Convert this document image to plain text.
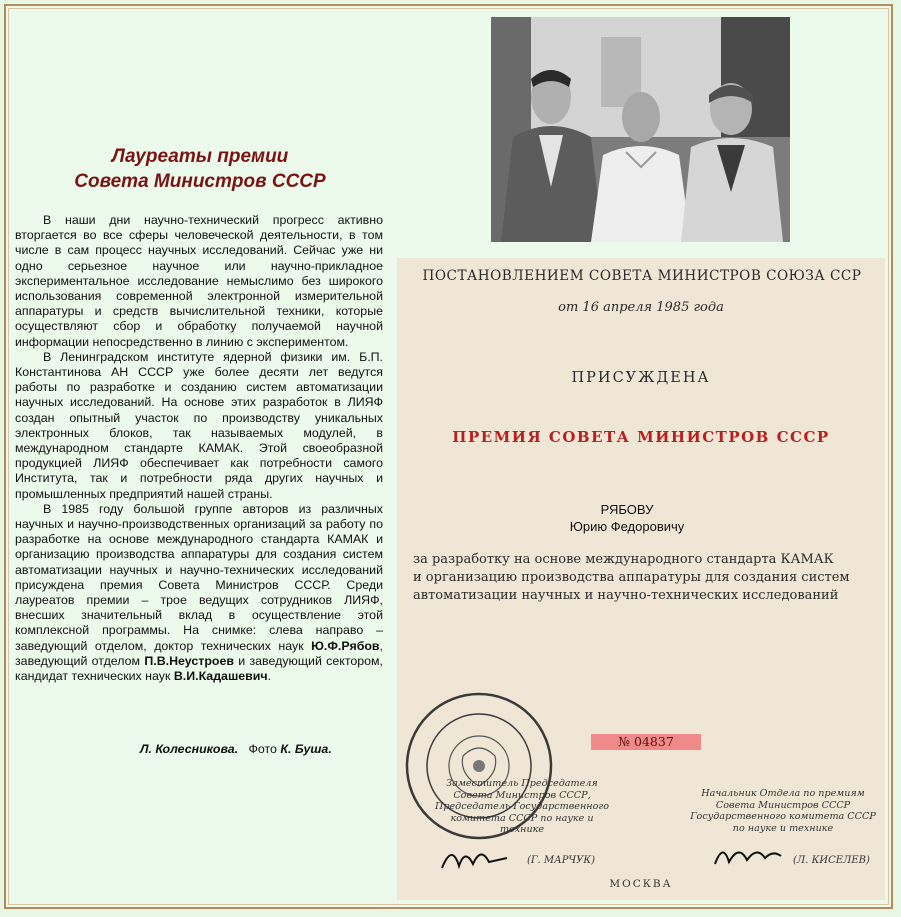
Лауреаты премии
Совета Министров СССР

В наши дни научно-технический прогресс активно вторгается во все сферы человеческой деятельности, в том числе в сам процесс научных исследований. Сейчас уже ни одно серьезное научное или научно-прикладное экспериментальное исследование немыслимо без широкого использования современной электронной измерительной аппаратуры и средств вычислительной техники, которые осуществляют сбор и обработку получаемой научной информации непосредственно в линию с экспериментом.

В Ленинградском институте ядерной физики им. Б.П. Константинова АН СССР уже более десяти лет ведутся работы по разработке и созданию систем автоматизации научных исследований. На основе этих разработок в ЛИЯФ создан опытный участок по производству уникальных электронных блоков, так называемых модулей, в международном стандарте КАМАК. Этой своеобразной продукцией ЛИЯФ обеспечивает как потребности самого Института, так и потребности ряда других научных и промышленных предприятий нашей страны.

В 1985 году большой группе авторов из различных научных и научно-производственных организаций за работу по разработке на основе международного стандарта КАМАК и организацию производства аппаратуры для создания систем автоматизации научных и научно-технических исследований присуждена премия Совета Министров СССР. Среди лауреатов премии – трое ведущих сотрудников ЛИЯФ, внесших значительный вклад в осуществление этой комплексной программы. На снимке: слева направо – заведующий отделом, доктор технических наук Ю.Ф.Рябов, заведующий отделом П.В.Неустроев и заведующий сектором, кандидат технических наук В.И.Кадашевич.

Л. Колесникова. Фото К. Буша.
ПОСТАНОВЛЕНИЕМ СОВЕТА МИНИСТРОВ СОЮЗА ССР
от 16 апреля 1985 года
ПРИСУЖДЕНА
ПРЕМИЯ СОВЕТА МИНИСТРОВ СССР
РЯБОВУ
Юрию Федоровичу
за разработку на основе международного стандарта КАМАК
и организацию производства аппаратуры для создания систем
автоматизации научных и научно-технических исследований
№ 04837
Заместитель Председателя
Совета Министров СССР,
Председатель Государственного
комитета СССР по науке и технике
Начальник Отдела по премиям
Совета Министров СССР
Государственного комитета СССР
по науке и технике
(Г. МАРЧУК)	(Л. КИСЕЛЕВ)
МОСКВА
